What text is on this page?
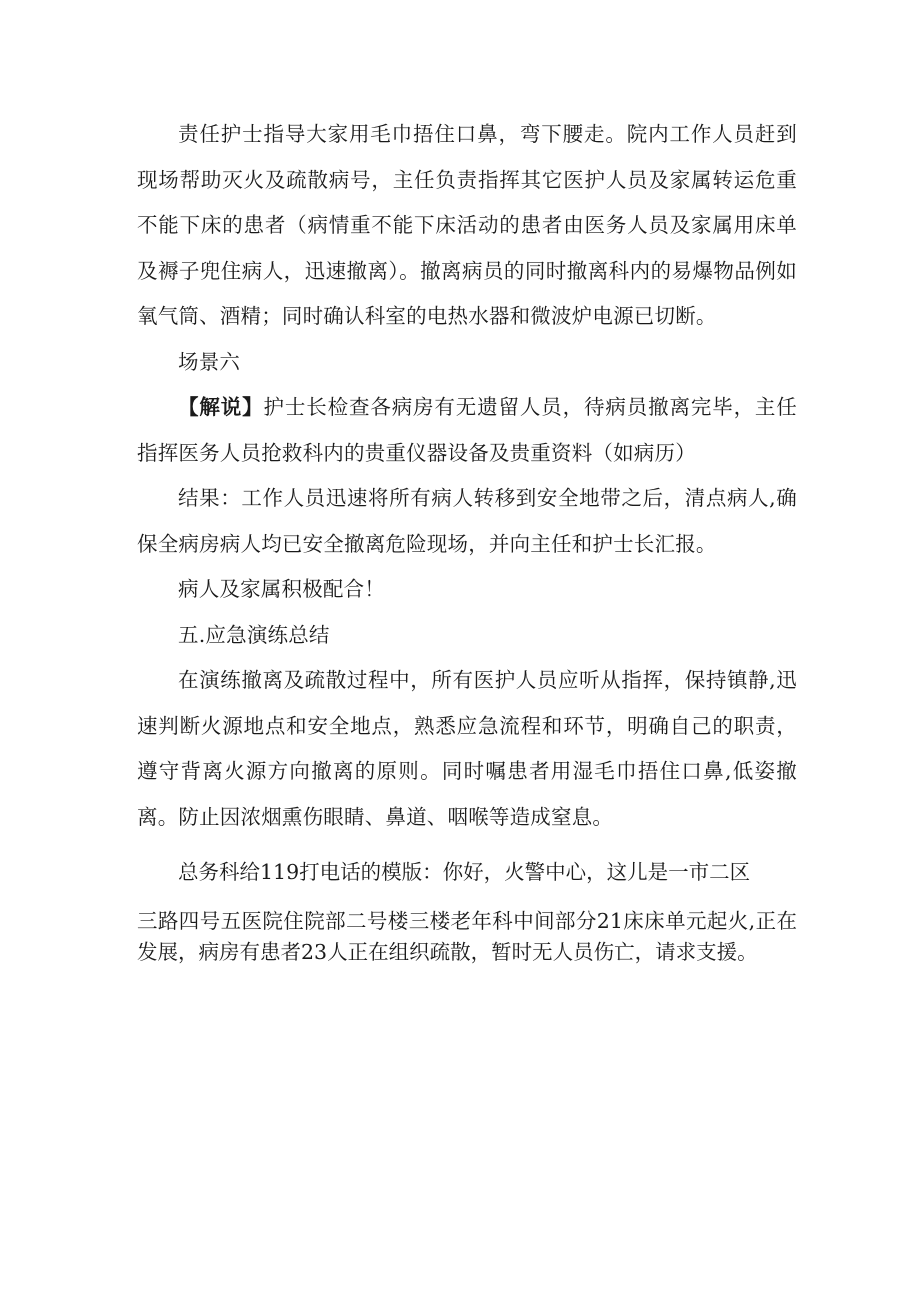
责任护士指导大家用毛巾捂住口鼻，弯下腰走。院内工作人员赶到现场帮助灭火及疏散病号，主任负责指挥其它医护人员及家属转运危重不能下床的患者（病情重不能下床活动的患者由医务人员及家属用床单及褥子兜住病人，迅速撤离）。撤离病员的同时撤离科内的易爆物品例如氧气筒、酒精；同时确认科室的电热水器和微波炉电源已切断。

场景六

【解说】护士长检查各病房有无遗留人员，待病员撤离完毕，主任指挥医务人员抢救科内的贵重仪器设备及贵重资料（如病历）

结果：工作人员迅速将所有病人转移到安全地带之后，清点病人,确保全病房病人均已安全撤离危险现场，并向主任和护士长汇报。

病人及家属积极配合！

五.应急演练总结

在演练撤离及疏散过程中，所有医护人员应听从指挥，保持镇静,迅速判断火源地点和安全地点，熟悉应急流程和环节，明确自己的职责，遵守背离火源方向撤离的原则。同时嘱患者用湿毛巾捂住口鼻,低姿撤离。防止因浓烟熏伤眼睛、鼻道、咽喉等造成窒息。

总务科给119打电话的模版：你好，火警中心，这儿是一市二区

三路四号五医院住院部二号楼三楼老年科中间部分21床床单元起火,正在发展，病房有患者23人正在组织疏散，暂时无人员伤亡，请求支援。
